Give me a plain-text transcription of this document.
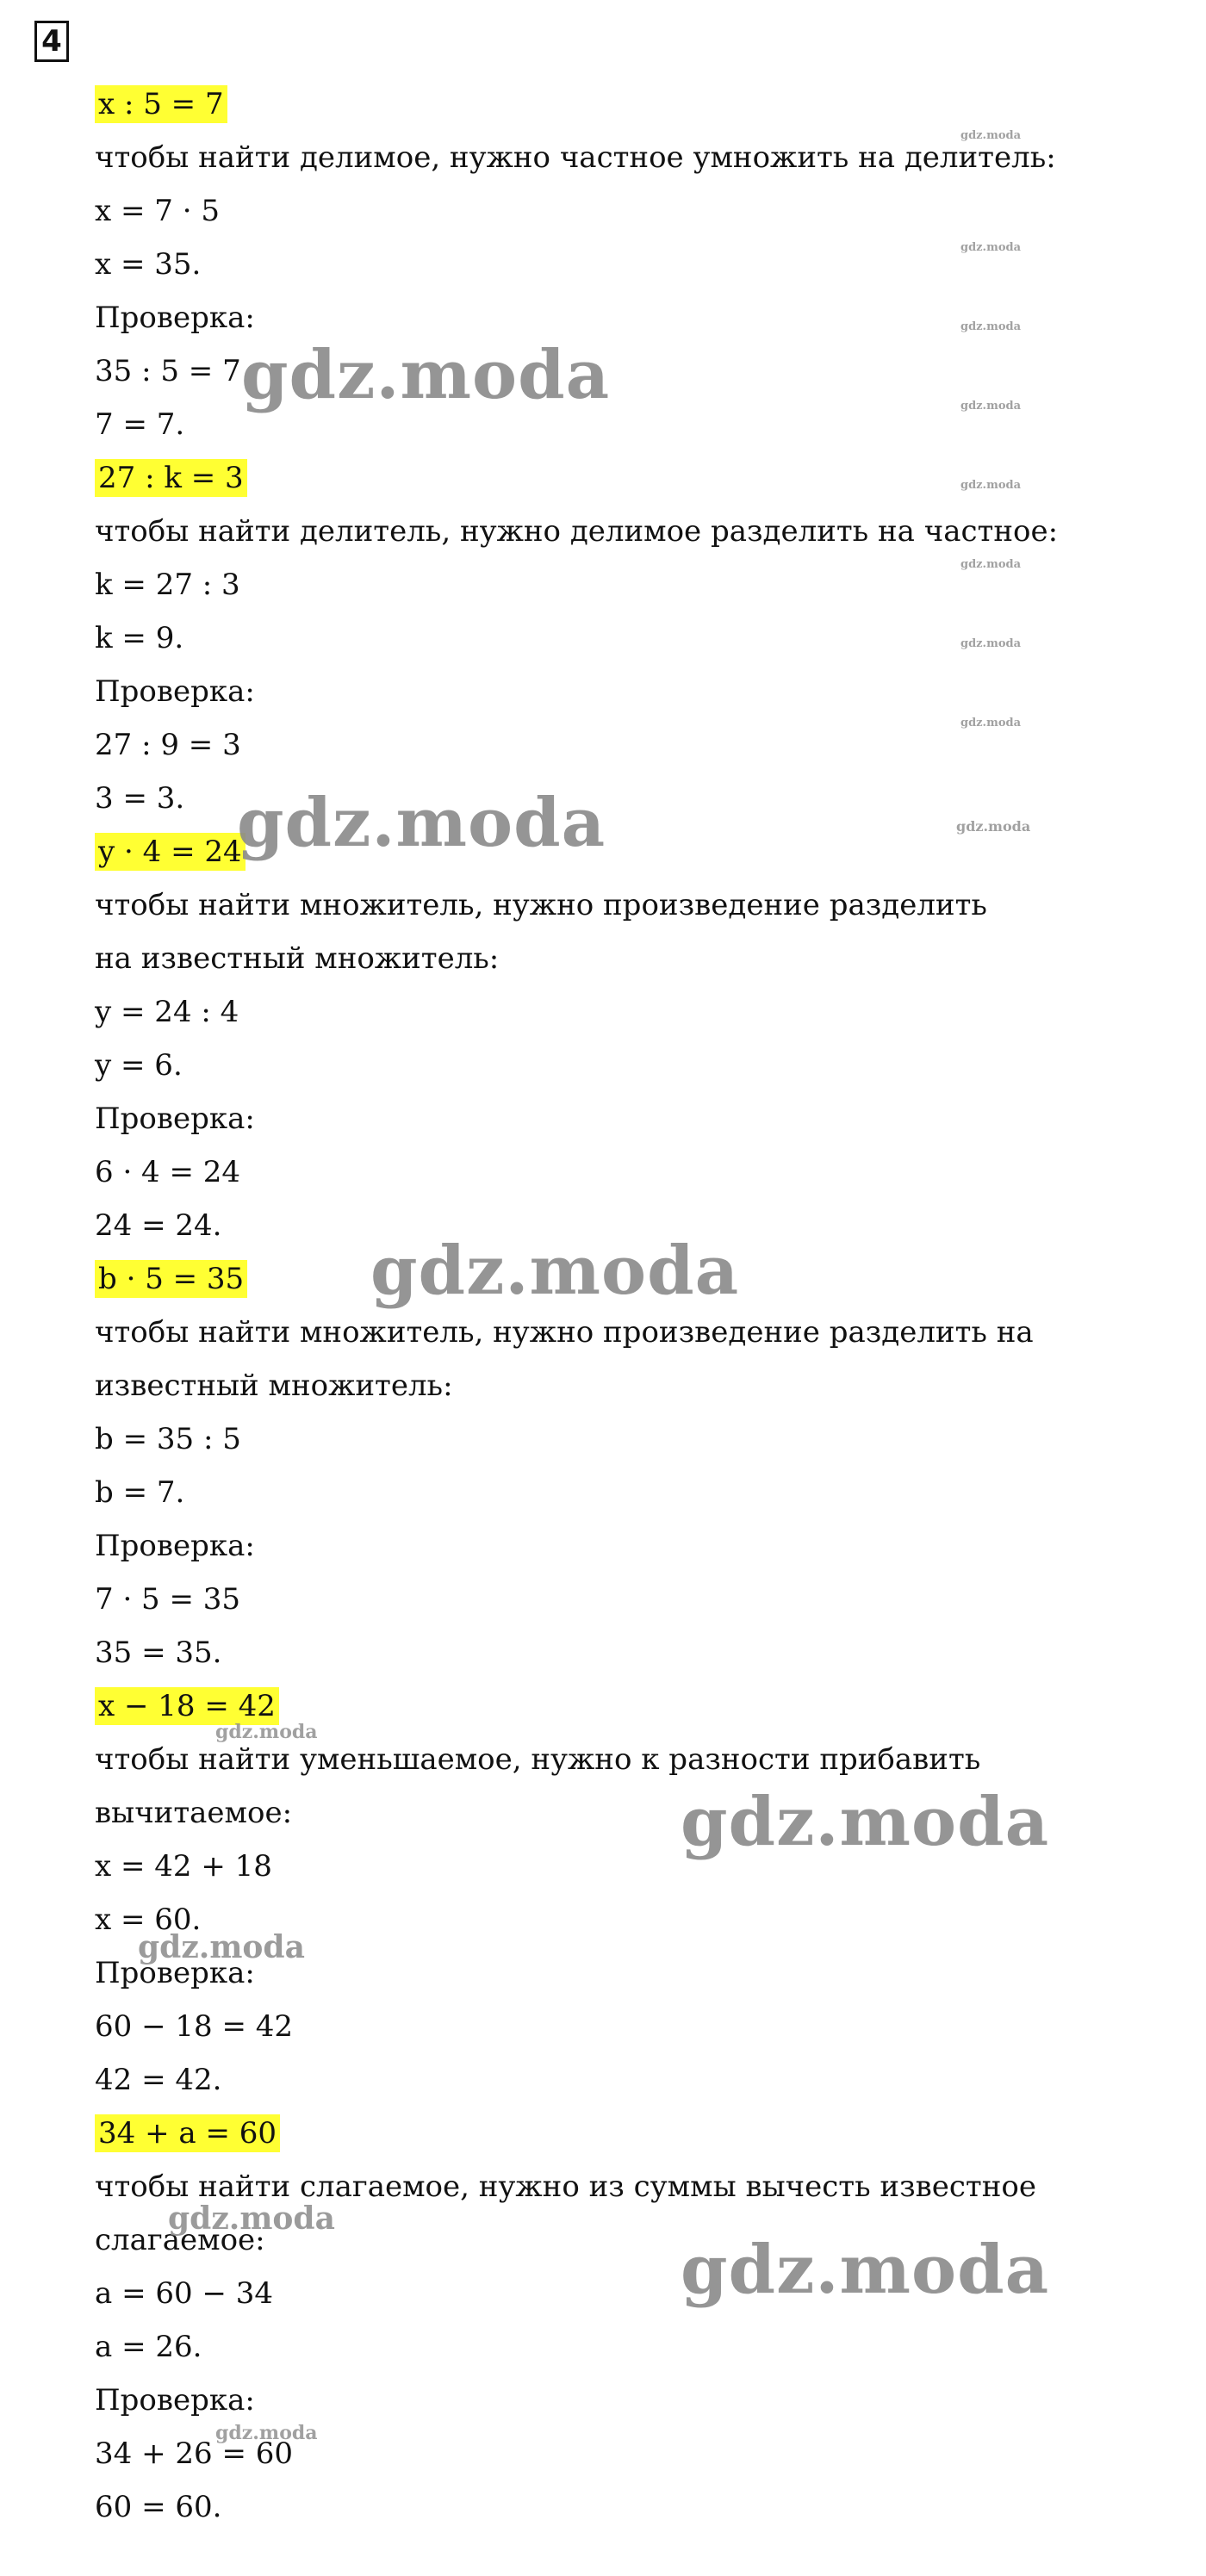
4
x : 5 = 7
чтобы найти делимое, нужно частное умножить на делитель:
x = 7 · 5
x = 35.
Проверка:
35 : 5 = 7
7 = 7.
27 : k = 3
чтобы найти делитель, нужно делимое разделить на частное:
k = 27 : 3
k = 9.
Проверка:
27 : 9 = 3
3 = 3.
y · 4 = 24
чтобы найти множитель, нужно произведение разделить
на известный множитель:
y = 24 : 4
y = 6.
Проверка:
6 · 4 = 24
24 = 24.
b · 5 = 35
чтобы найти множитель, нужно произведение разделить на
известный множитель:
b = 35 : 5
b = 7.
Проверка:
7 · 5 = 35
35 = 35.
x − 18 = 42
чтобы найти уменьшаемое, нужно к разности прибавить
вычитаемое:
x = 42 + 18
x = 60.
Проверка:
60 − 18 = 42
42 = 42.
34 + a = 60
чтобы найти слагаемое, нужно из суммы вычесть известное
слагаемое:
a = 60 − 34
a = 26.
Проверка:
34 + 26 = 60
60 = 60.
gdz.moda
gdz.moda
gdz.moda
gdz.moda
gdz.moda
gdz.moda
gdz.moda
gdz.moda
gdz.moda
gdz.moda
gdz.moda
gdz.moda
gdz.moda
gdz.moda
gdz.moda
gdz.moda
gdz.moda
gdz.moda
